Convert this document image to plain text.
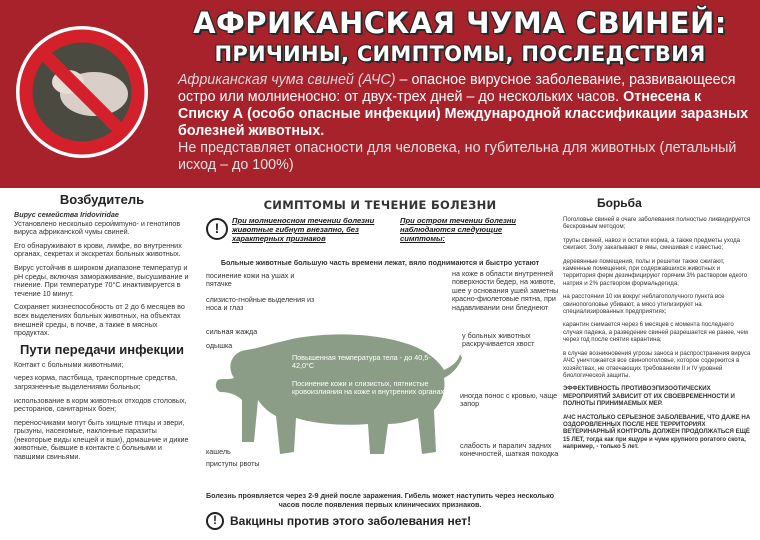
АФРИКАНСКАЯ ЧУМА СВИНЕЙ:
ПРИЧИНЫ, СИМПТОМЫ, ПОСЛЕДСТВИЯ
Африканская чума свиней (АЧС) – опасное вирусное заболевание, развивающееся остро или молниеносно: от двух-трех дней – до нескольких часов. Отнесена к Списку А (особо опасные инфекции) Международной классификации заразных болезней животных.
Не представляет опасности для человека, но губительна для животных (летальный исход – до 100%)
Возбудитель

Вирус семейства Iridoviridae
Установлено несколько серои́мmуно- и генотипов вируса африканской чумы свиней.

Его обнаруживают в крови, лимфе, во внутренних органах, секретах и экскретах больных животных.

Вирус устойчив в широком диапазоне температур и pH среды, включая замораживание, высушивание и гниение. При температуре 70°С инактивируется в течение 10 минут.

Сохраняет жизнеспособность от 2 до 6 месяцев во всех выделениях больных животных, на объектах внешней среды, в почве, а также в мясных продуктах.

Пути передачи инфекции

Контакт с больными животными;

через корма, пастбища, транспортные средства, загрязненные выделениями больных;

использование в корм животных отходов столовых, ресторанов, санитарных боен;

переносчиками могут быть хищные птицы и звери, грызуны, насекомые, наклонные паразиты (некоторые виды клещей и вши), домашние и дикие животные, бывшие в контакте с больными и павшими свиньями.

СИМПТОМЫ И ТЕЧЕНИЕ БОЛЕЗНИ
!	При молниеносном течении болезни животные гибнут внезапно, без характерных признаков
При остром течении болезни наблюдаются следующие симптомы:
Больные животные большую часть времени лежат, вяло поднимаются и быстро устают
посинение кожи на ушах и пятачке
слизисто-гнойные выделения из носа и глаз
сильная жажда
одышка
кашель
приступы рвоты
на коже в области внутренней поверхности бедер, на животе, шее у основания ушей заметны красно-фиолетовые пятна, при надавливании они бледнеют
у больных животных раскручивается хвост
иногда понос с кровью, чаще запор
слабость и паралич задних конечностей, шаткая походка
Повышенная температура тела - до 40,5-42,0°С
Посинение кожи и слизистых, пятнистые кровоизлияния на коже и внутренних органах
Болезнь проявляется через 2-9 дней после заражения. Гибель может наступить через несколько часов после появления первых клинических признаков.
!	Вакцины против этого заболевания нет!
Борьба

Поголовье свиней в очаге заболевания полностью ликвидируется бескровным методом;

трупы свиней, навоз и остатки корма, а также предметы ухода сжигают. Золу закапывают в ямы, смешивая с известью;

деревянные помещения, полы и решетки также сжигают, каменные помещения, при содержавшихся животных и территория ферм дезинфицируют горячим 3% раствором едкого натрия и 2% раствором формальдегида;

на расстоянии 10 км вокруг неблагополучного пункта все свинопоголовье убивают, а мясо утилизируют на специализированных предприятиях;

карантин снимается через 6 месяцев с момента последнего случая падежа, а разведение свиней разрешается не ранее, чем через год после снятия карантина;

в случае возникновения угрозы заноса и распространения вируса АЧС уничтожается все свинопоголовье, которое содержится в хозяйствах, не отвечающих требованиям II и IV уровней биологической защиты.

ЭФФЕКТИВНОСТЬ ПРОТИВОЭПИЗООТИЧЕСКИХ МЕРОПРИЯТИЙ ЗАВИСИТ ОТ ИХ СВОЕВРЕМЕННОСТИ И ПОЛНОТЫ ПРИНИМАЕМЫХ МЕР.

АЧС НАСТОЛЬКО СЕРЬЕЗНОЕ ЗАБОЛЕВАНИЕ, ЧТО ДАЖЕ НА ОЗДОРОВЛЕННЫХ ПОСЛЕ НЕЕ ТЕРРИТОРИЯХ ВЕТЕРИНАРНЫЙ КОНТРОЛЬ ДОЛЖЕН ПРОДОЛЖАТЬСЯ ЕЩЁ 15 ЛЕТ, тогда как при ящуре и чуме крупного рогатого скота, например, - только 5 лет.
